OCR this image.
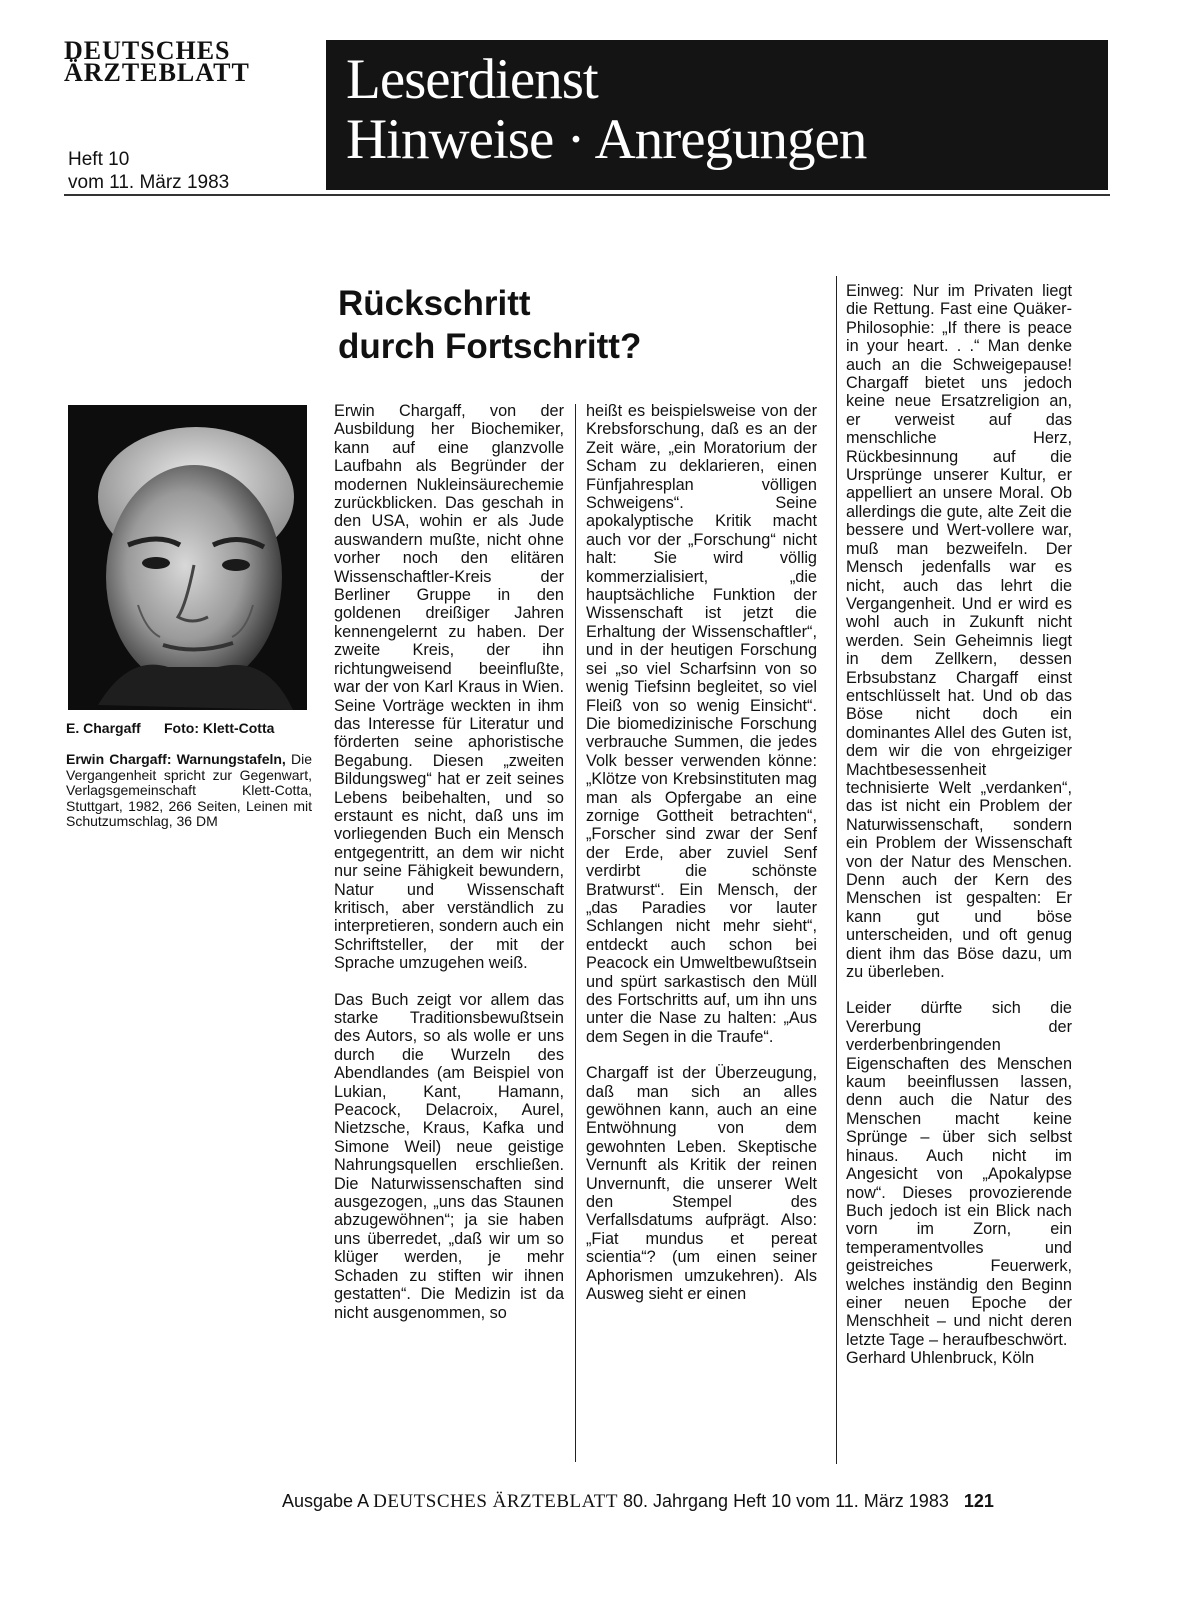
DEUTSCHES
ÄRZTEBLATT
Heft 10
vom 11. März 1983
Leserdienst
Hinweise · Anregungen
Rückschritt
durch Fortschritt?
E. Chargaff Foto: Klett-Cotta
Erwin Chargaff: Warnungstafeln, Die Vergangenheit spricht zur Gegenwart, Verlagsgemeinschaft Klett-Cotta, Stuttgart, 1982, 266 Seiten, Leinen mit Schutzumschlag, 36 DM

Erwin Chargaff, von der Ausbildung her Biochemiker, kann auf eine glanzvolle Laufbahn als Begründer der modernen Nukleinsäurechemie zurückblicken. Das geschah in den USA, wohin er als Jude auswandern mußte, nicht ohne vorher noch den elitären Wissenschaftler-Kreis der Berliner Gruppe in den goldenen dreißiger Jahren kennengelernt zu haben. Der zweite Kreis, der ihn richtungweisend beeinflußte, war der von Karl Kraus in Wien. Seine Vorträge weckten in ihm das Interesse für Literatur und förderten seine aphoristische Begabung. Diesen „zweiten Bildungsweg“ hat er zeit seines Lebens beibehalten, und so erstaunt es nicht, daß uns im vorliegenden Buch ein Mensch entgegentritt, an dem wir nicht nur seine Fähigkeit bewundern, Natur und Wissenschaft kritisch, aber verständlich zu interpretieren, sondern auch ein Schriftsteller, der mit der Sprache umzugehen weiß.

Das Buch zeigt vor allem das starke Traditionsbewußtsein des Autors, so als wolle er uns durch die Wurzeln des Abendlandes (am Beispiel von Lukian, Kant, Hamann, Peacock, Delacroix, Aurel, Nietzsche, Kraus, Kafka und Simone Weil) neue geistige Nahrungsquellen erschließen. Die Naturwissenschaften sind ausgezogen, „uns das Staunen abzugewöhnen“; ja sie haben uns überredet, „daß wir um so klüger werden, je mehr Schaden zu stiften wir ihnen gestatten“. Die Medizin ist da nicht ausgenommen, so

heißt es beispielsweise von der Krebsforschung, daß es an der Zeit wäre, „ein Moratorium der Scham zu deklarieren, einen Fünfjahresplan völligen Schweigens“. Seine apokalyptische Kritik macht auch vor der „Forschung“ nicht halt: Sie wird völlig kommerzialisiert, „die hauptsächliche Funktion der Wissenschaft ist jetzt die Erhaltung der Wissenschaftler“, und in der heutigen Forschung sei „so viel Scharfsinn von so wenig Tiefsinn begleitet, so viel Fleiß von so wenig Einsicht“. Die biomedizinische Forschung verbrauche Summen, die jedes Volk besser verwenden könne: „Klötze von Krebsinstituten mag man als Opfergabe an eine zornige Gottheit betrachten“, „Forscher sind zwar der Senf der Erde, aber zuviel Senf verdirbt die schönste Bratwurst“. Ein Mensch, der „das Paradies vor lauter Schlangen nicht mehr sieht“, entdeckt auch schon bei Peacock ein Umweltbewußtsein und spürt sarkastisch den Müll des Fortschritts auf, um ihn uns unter die Nase zu halten: „Aus dem Segen in die Traufe“.

Chargaff ist der Überzeugung, daß man sich an alles gewöhnen kann, auch an eine Entwöhnung von dem gewohnten Leben. Skeptische Vernunft als Kritik der reinen Unvernunft, die unserer Welt den Stempel des Verfallsdatums aufprägt. Also: „Fiat mundus et pereat scientia“? (um einen seiner Aphorismen umzukehren). Als Ausweg sieht er einen

Einweg: Nur im Privaten liegt die Rettung. Fast eine Quäker-Philosophie: „If there is peace in your heart. . .“ Man denke auch an die Schweigepause! Chargaff bietet uns jedoch keine neue Ersatzreligion an, er verweist auf das menschliche Herz, Rückbesinnung auf die Ursprünge unserer Kultur, er appelliert an unsere Moral. Ob allerdings die gute, alte Zeit die bessere und Wert-vollere war, muß man bezweifeln. Der Mensch jedenfalls war es nicht, auch das lehrt die Vergangenheit. Und er wird es wohl auch in Zukunft nicht werden. Sein Geheimnis liegt in dem Zellkern, dessen Erbsubstanz Chargaff einst entschlüsselt hat. Und ob das Böse nicht doch ein dominantes Allel des Guten ist, dem wir die von ehrgeiziger Machtbesessenheit technisierte Welt „verdanken“, das ist nicht ein Problem der Naturwissenschaft, sondern ein Problem der Wissenschaft von der Natur des Menschen. Denn auch der Kern des Menschen ist gespalten: Er kann gut und böse unterscheiden, und oft genug dient ihm das Böse dazu, um zu überleben.

Leider dürfte sich die Vererbung der verderbenbringenden Eigenschaften des Menschen kaum beeinflussen lassen, denn auch die Natur des Menschen macht keine Sprünge – über sich selbst hinaus. Auch nicht im Angesicht von „Apokalypse now“. Dieses provozierende Buch jedoch ist ein Blick nach vorn im Zorn, ein temperamentvolles und geistreiches Feuerwerk, welches inständig den Beginn einer neuen Epoche der Menschheit – und nicht deren letzte Tage – heraufbeschwört.

Gerhard Uhlenbruck, Köln
Ausgabe A DEUTSCHES ÄRZTEBLATT 80. Jahrgang Heft 10 vom 11. März 1983 121
